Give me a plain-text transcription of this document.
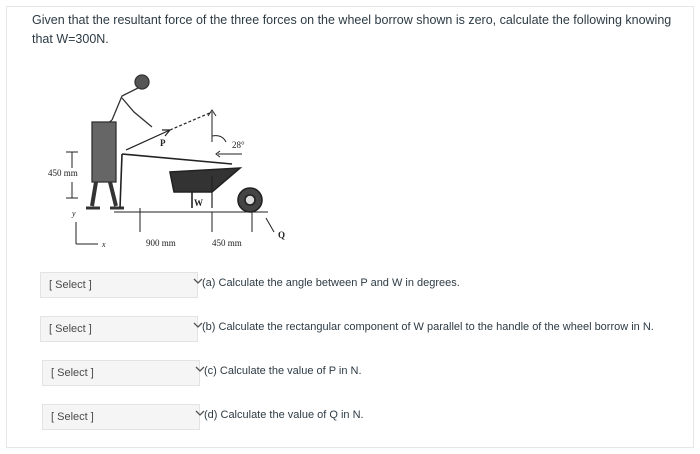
Given that the resultant force of the three forces on the wheel borrow shown is zero, calculate the following knowing that W=300N.
P	28°
W
450 mm
900 mm	450 mm
Q
y
x
[ Select ]	(a) Calculate the angle between P and W in degrees.
[ Select ]	(b) Calculate the rectangular component of W parallel to the handle of the wheel borrow in N.
[ Select ]	(c) Calculate the value of P in N.
[ Select ]	(d) Calculate the value of Q in N.
